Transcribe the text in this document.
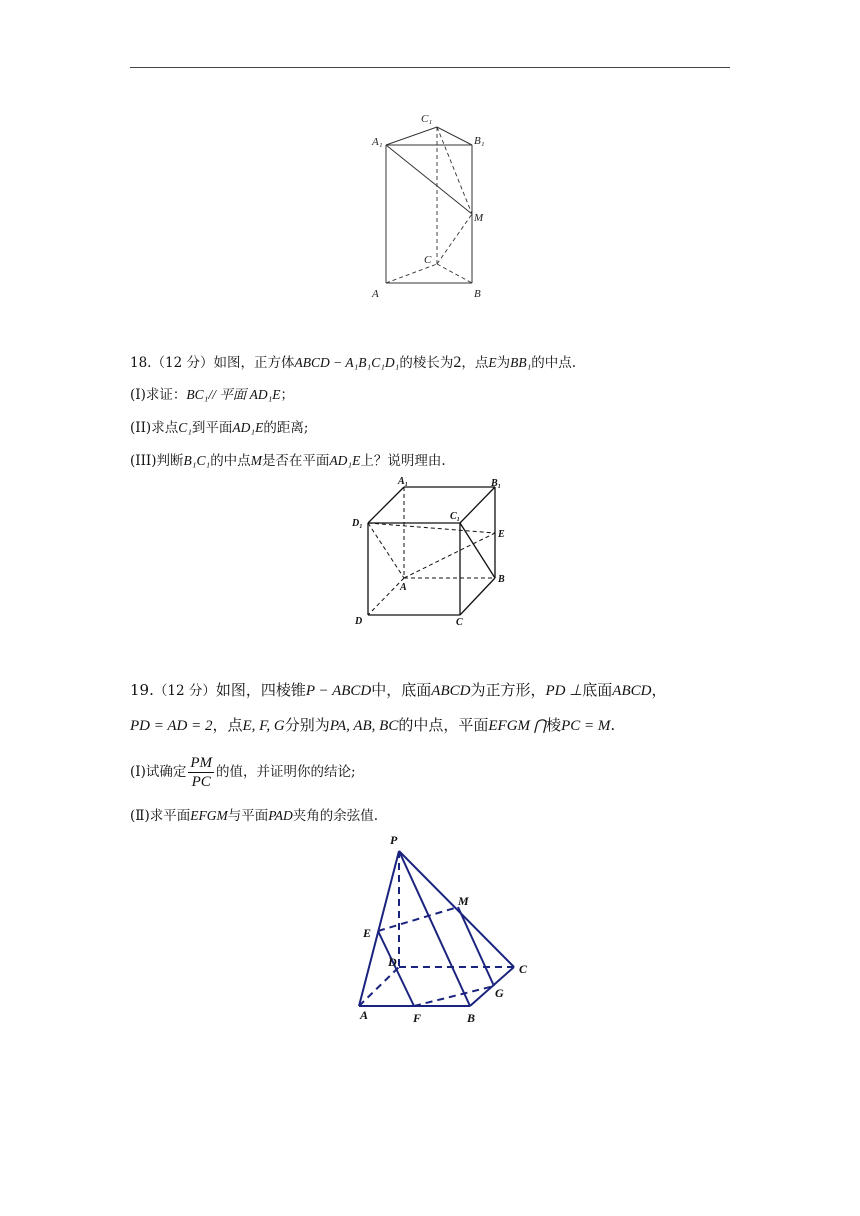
A₁
C₁
B₁
M
C
A	B
18.（12 分）如图，正方体ABCD − A₁B₁C₁D₁的棱长为2，点E为BB₁的中点.
(I)求证：BC₁// 平面 AD₁E；
(II)求点C₁到平面AD₁E的距离;
(III)判断B₁C₁的中点M是否在平面AD₁E上？说明理由.
A₁	B₁
D₁
C₁
E
A
B
D	C
19.（12 分）如图，四棱锥P − ABCD中，底面ABCD为正方形，PD ⊥底面ABCD，
PD = AD = 2，点E, F, G分别为PA, AB, BC的中点，平面EFGM ⋂棱PC = M.
(Ⅰ)试确定 $\frac{PM}{PC}$ 的值，并证明你的结论;
(Ⅱ)求平面EFGM与平面PAD夹角的余弦值.
P
M
E
D	C
G
A	F	B
